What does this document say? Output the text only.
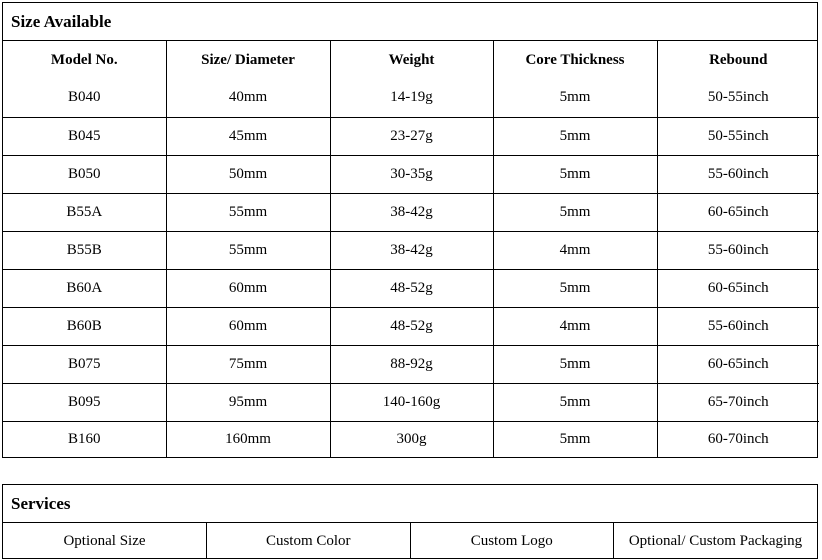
Size Available
Model No.	Size/ Diameter	Weight	Core Thickness	Rebound
B040	40mm	14-19g	5mm	50-55inch
B045	45mm	23-27g	5mm	50-55inch
B050	50mm	30-35g	5mm	55-60inch
B55A	55mm	38-42g	5mm	60-65inch
B55B	55mm	38-42g	4mm	55-60inch
B60A	60mm	48-52g	5mm	60-65inch
B60B	60mm	48-52g	4mm	55-60inch
B075	75mm	88-92g	5mm	60-65inch
B095	95mm	140-160g	5mm	65-70inch
B160	160mm	300g	5mm	60-70inch
Services
Optional Size	Custom Color	Custom Logo	Optional/ Custom Packaging
